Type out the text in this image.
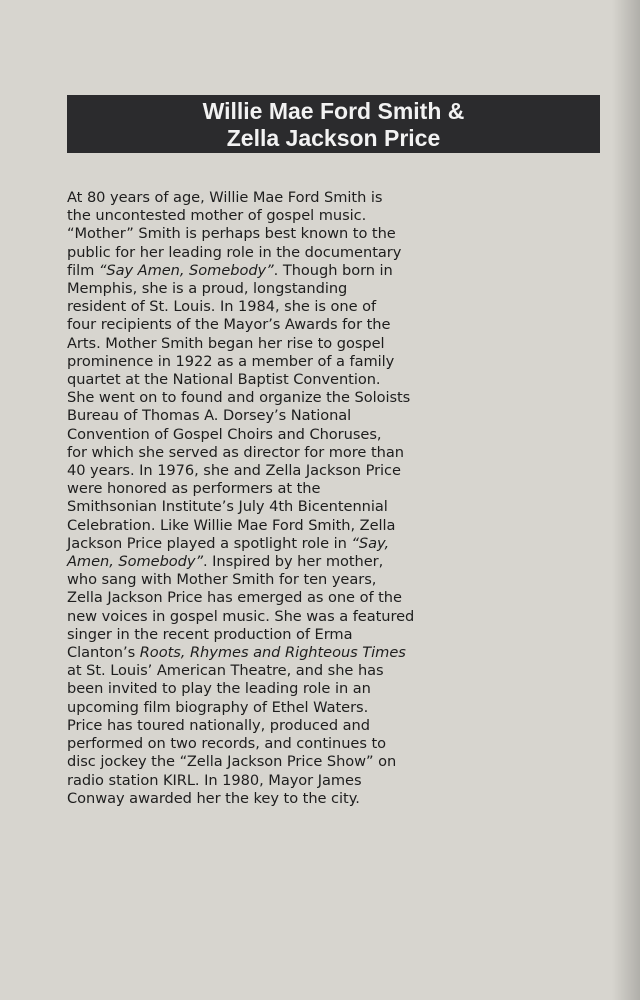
Willie Mae Ford Smith &
Zella Jackson Price
At 80 years of age, Willie Mae Ford Smith is
the uncontested mother of gospel music.
“Mother” Smith is perhaps best known to the
public for her leading role in the documentary
film “Say Amen, Somebody”. Though born in
Memphis, she is a proud, longstanding
resident of St. Louis. In 1984, she is one of
four recipients of the Mayor’s Awards for the
Arts. Mother Smith began her rise to gospel
prominence in 1922 as a member of a family
quartet at the National Baptist Convention.
She went on to found and organize the Soloists
Bureau of Thomas A. Dorsey’s National
Convention of Gospel Choirs and Choruses,
for which she served as director for more than
40 years. In 1976, she and Zella Jackson Price
were honored as performers at the
Smithsonian Institute’s July 4th Bicentennial
Celebration. Like Willie Mae Ford Smith, Zella
Jackson Price played a spotlight role in “Say,
Amen, Somebody”. Inspired by her mother,
who sang with Mother Smith for ten years,
Zella Jackson Price has emerged as one of the
new voices in gospel music. She was a featured
singer in the recent production of Erma
Clanton’s Roots, Rhymes and Righteous Times
at St. Louis’ American Theatre, and she has
been invited to play the leading role in an
upcoming film biography of Ethel Waters.
Price has toured nationally, produced and
performed on two records, and continues to
disc jockey the “Zella Jackson Price Show” on
radio station KIRL. In 1980, Mayor James
Conway awarded her the key to the city.
